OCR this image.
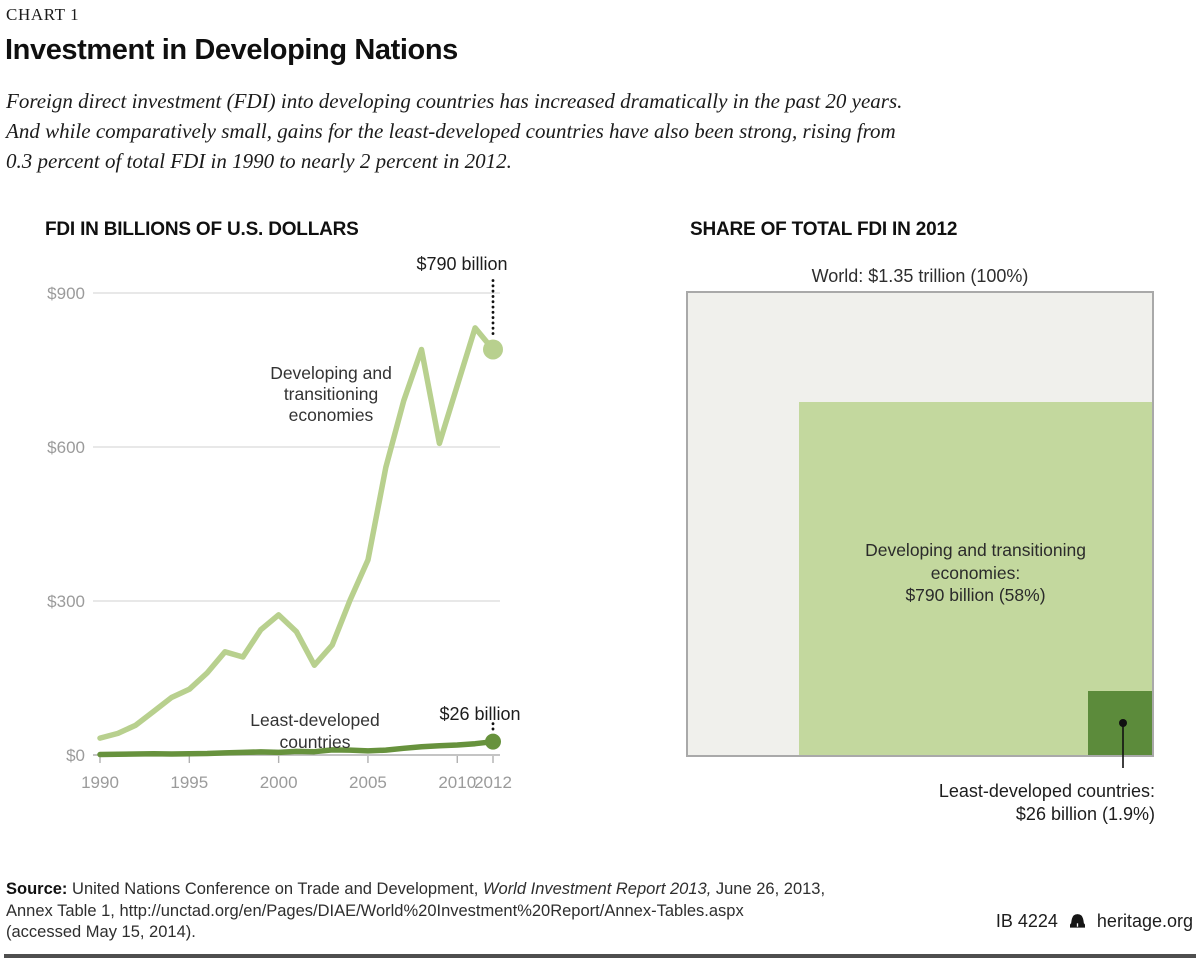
CHART 1
Investment in Developing Nations
Foreign direct investment (FDI) into developing countries has increased dramatically in the past 20 years.
And while comparatively small, gains for the least-developed countries have also been strong, rising from
0.3 percent of total FDI in 1990 to nearly 2 percent in 2012.
FDI IN BILLIONS OF U.S. DOLLARS
$0
$300
$600
$900
1990	1995	2000	2005	2010
2012
$790 billion
Developing and
transitioning
economies
Least-developed
countries
$26 billion
SHARE OF TOTAL FDI IN 2012
World: $1.35 trillion (100%)
Developing and transitioning
economies:
$790 billion (58%)
Least-developed countries:
$26 billion (1.9%)
Source: United Nations Conference on Trade and Development, World Investment Report 2013, June 26, 2013,
Annex Table 1, http://unctad.org/en/Pages/DIAE/World%20Investment%20Report/Annex-Tables.aspx
(accessed May 15, 2014).
IB 4224 heritage.org
